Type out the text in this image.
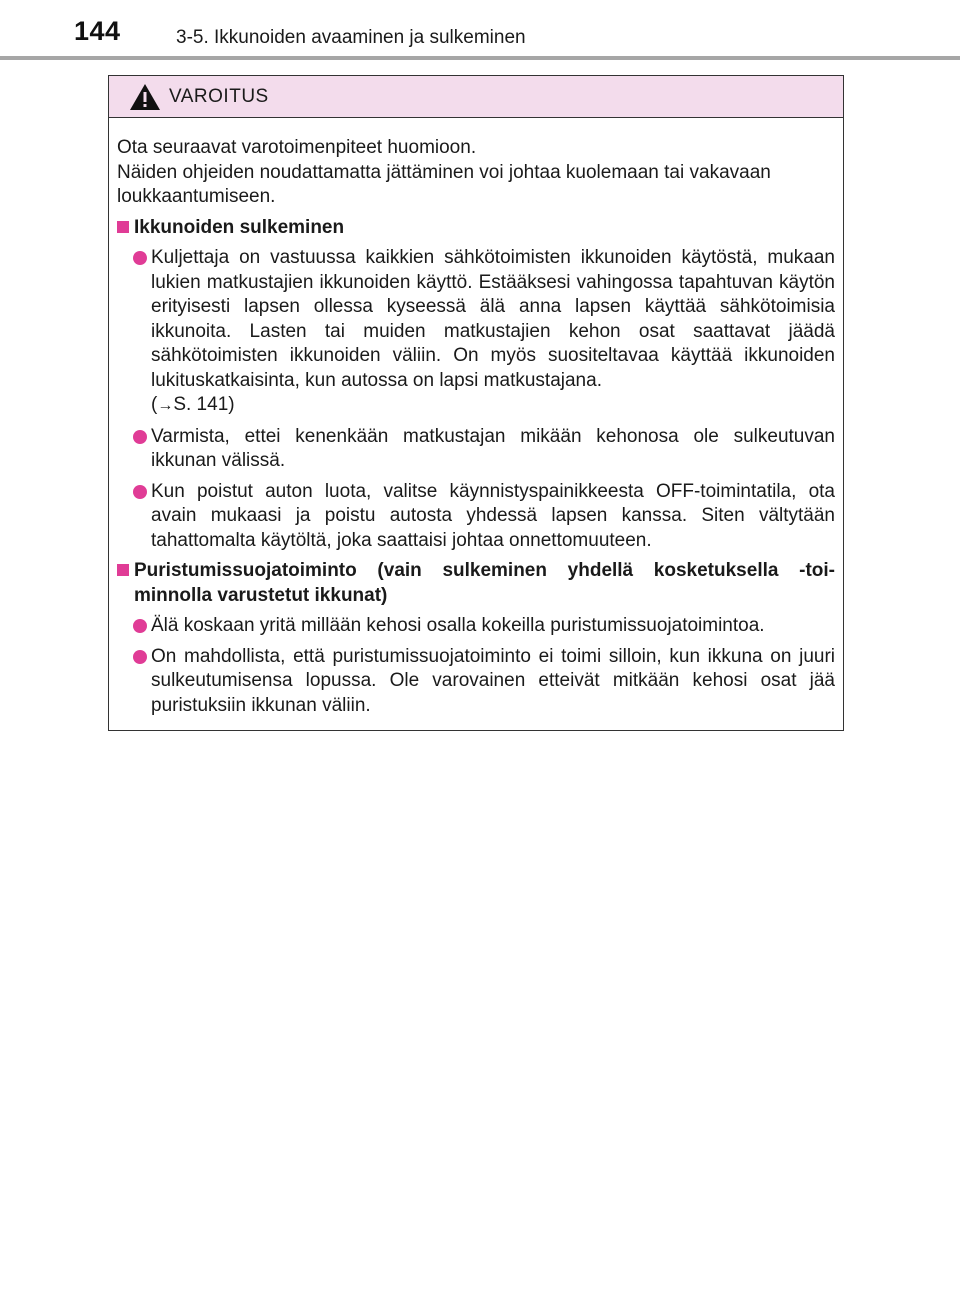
144	3-5. Ikkunoiden avaaminen ja sulkeminen
VAROITUS

Ota seuraavat varotoimenpiteet huomioon.

Näiden ohjeiden noudattamatta jättäminen voi johtaa kuolemaan tai vakavaan loukkaantumiseen.

Ikkunoiden sulkeminen
Kuljettaja on vastuussa kaikkien sähkötoimisten ikkunoiden käytöstä, mukaan lukien matkustajien ikkunoiden käyttö. Estääksesi vahingossa tapahtuvan käytön erityisesti lapsen ollessa kyseessä älä anna lapsen käyttää sähkötoimisia ikkunoita. Lasten tai muiden matkustajien kehon osat saattavat jäädä sähkötoimisten ikkunoiden väliin. On myös suositeltavaa käyttää ikkunoiden lukituskatkaisinta, kun autossa on lapsi matkustajana.
(→S. 141)
Varmista, ettei kenenkään matkustajan mikään kehonosa ole sulkeutuvan ikkunan välissä.
Kun poistut auton luota, valitse käynnistyspainikkeesta OFF-toimintatila, ota avain mukaasi ja poistu autosta yhdessä lapsen kanssa. Siten vältytään tahattomalta käytöltä, joka saattaisi johtaa onnettomuuteen.
Puristumissuojatoiminto (vain sulkeminen yhdellä kosketuksella -toi-minnolla varustetut ikkunat)
Älä koskaan yritä millään kehosi osalla kokeilla puristumissuojatoimintoa.
On mahdollista, että puristumissuojatoiminto ei toimi silloin, kun ikkuna on juuri sulkeutumisensa lopussa. Ole varovainen etteivät mitkään kehosi osat jää puristuksiin ikkunan väliin.
